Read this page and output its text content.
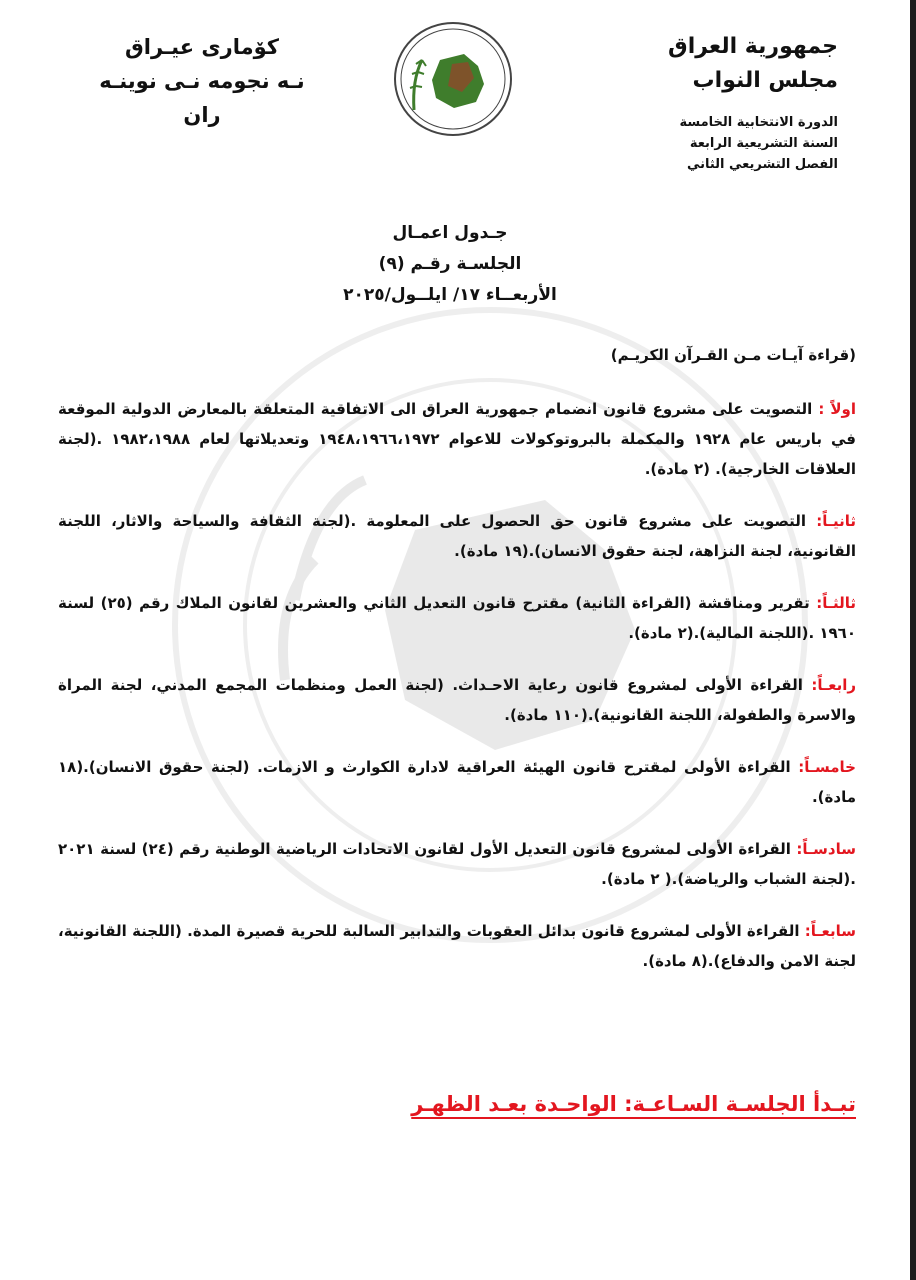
جمهورية العراق
مجلس النواب
الدورة الانتخابية الخامسة
السنة التشريعية الرابعة
الفصل التشريعي الثاني
كۆمارى عيـراق
نـه نجومه نـى نوينـه ران
جـدول اعمـال
الجلسـة رقـم (٩)
الأربعــاء ١٧/ ايلــول/٢٠٢٥
(قراءة آيـات مـن القـرآن الكريـم)
اولاً : التصويت على مشروع قانون انضمام جمهورية العراق الى الاتفاقية المتعلقة بالمعارض الدولية الموقعة في باريس عام ١٩٢٨ والمكملة بالبروتوكولات للاعوام ١٩٤٨،١٩٦٦،١٩٧٢ وتعديلاتها لعام ١٩٨٢،١٩٨٨ .(لجنة العلاقات الخارجية). (٢ مادة).
ثانيـاً: التصويت على مشروع قانون حق الحصول على المعلومة .(لجنة الثقافة والسياحة والاثار، اللجنة القانونية، لجنة النزاهة، لجنة حقوق الانسان).(١٩ مادة).
ثالثـاً: تقرير ومناقشة (القراءة الثانية) مقترح قانون التعديل الثاني والعشرين لقانون الملاك رقم (٢٥) لسنة ١٩٦٠ .(اللجنة المالية).(٢ مادة).
رابعـاً: القراءة الأولى لمشروع قانون رعاية الاحـداث. (لجنة العمل ومنظمات المجمع المدني، لجنة المراة والاسرة والطفولة، اللجنة القانونية).(١١٠ مادة).
خامسـاً: القراءة الأولى لمقترح قانون الهيئة العراقية لادارة الكوارث و الازمات. (لجنة حقوق الانسان).(١٨ مادة).
سادسـاً: القراءة الأولى لمشروع قانون التعديل الأول لقانون الاتحادات الرياضية الوطنية رقم (٢٤) لسنة ٢٠٢١ .(لجنة الشباب والرياضة).( ٢ مادة).
سابعـاً: القراءة الأولى لمشروع قانون بدائل العقوبات والتدابير السالبة للحرية قصيرة المدة. (اللجنة القانونية، لجنة الامن والدفاع).(٨ مادة).
تبـدأ الجلسـة السـاعـة: الواحـدة بعـد الظهـر
